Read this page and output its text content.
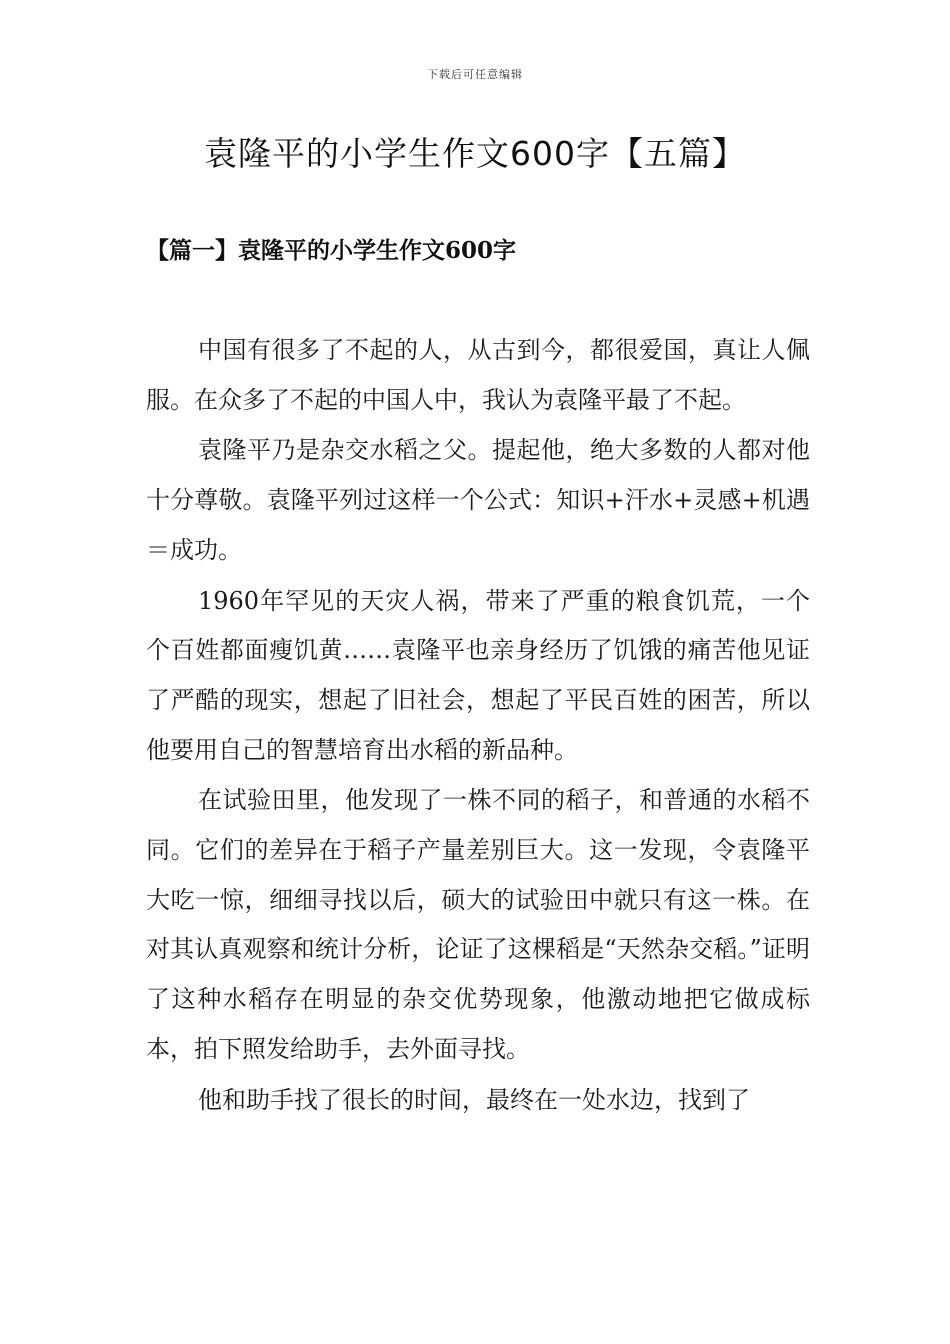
下载后可任意编辑
袁隆平的小学生作文600字【五篇】
【篇一】袁隆平的小学生作文600字

中国有很多了不起的人，从古到今，都很爱国，真让人佩服。在众多了不起的中国人中，我认为袁隆平最了不起。

袁隆平乃是杂交水稻之父。提起他，绝大多数的人都对他十分尊敬。袁隆平列过这样一个公式：知识+汗水+灵感+机遇＝成功。

1960年罕见的天灾人祸，带来了严重的粮食饥荒，一个个百姓都面瘦饥黄……袁隆平也亲身经历了饥饿的痛苦他见证了严酷的现实，想起了旧社会，想起了平民百姓的困苦，所以他要用自己的智慧培育出水稻的新品种。

在试验田里，他发现了一株不同的稻子，和普通的水稻不同。它们的差异在于稻子产量差别巨大。这一发现，令袁隆平大吃一惊，细细寻找以后，硕大的试验田中就只有这一株。在对其认真观察和统计分析，论证了这棵稻是“天然杂交稻。”证明了这种水稻存在明显的杂交优势现象，他激动地把它做成标本，拍下照发给助手，去外面寻找。

他和助手找了很长的时间，最终在一处水边，找到了
